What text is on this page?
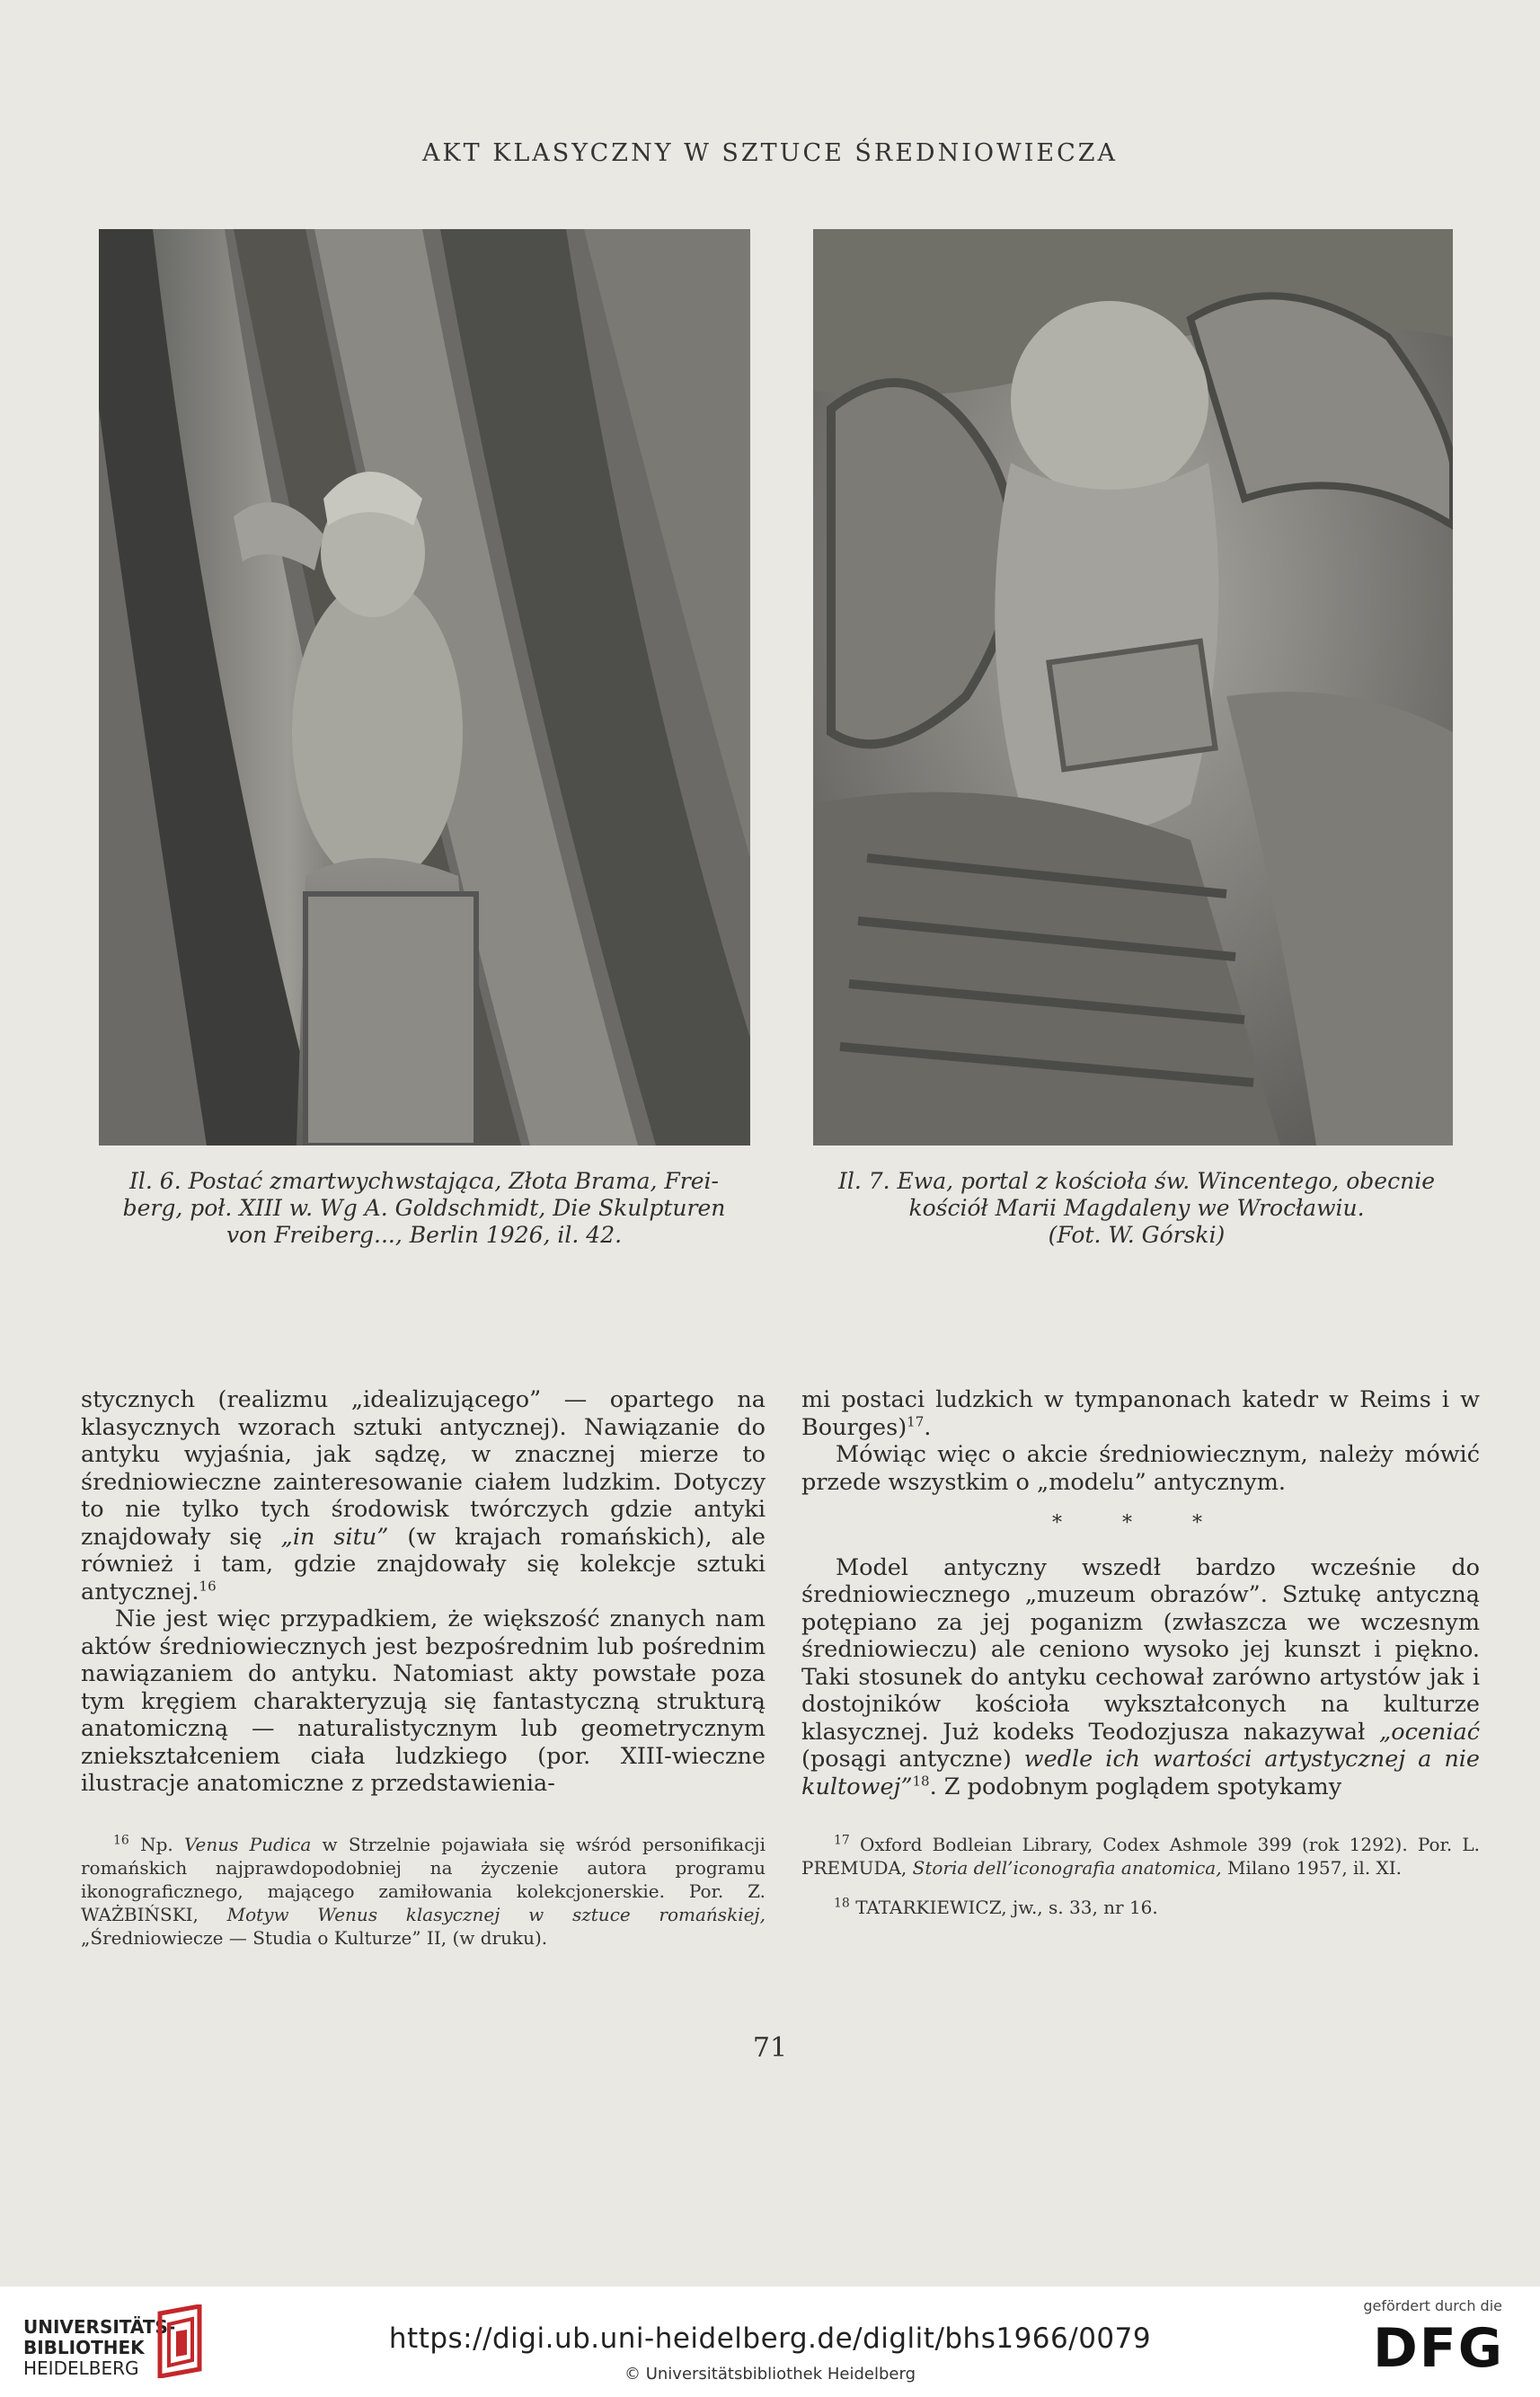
AKT KLASYCZNY W SZTUCE ŚREDNIOWIECZA
Il. 6. Postać zmartwychwstająca, Złota Brama, Frei-
berg, poł. XIII w. Wg A. Goldschmidt, Die Skulpturen
von Freiberg..., Berlin 1926, il. 42.
Il. 7. Ewa, portal z kościoła św. Wincentego, obecnie
kościół Marii Magdaleny we Wrocławiu.
(Fot. W. Górski)

stycznych (realizmu „idealizującego” — opartego na klasycznych wzorach sztuki antycznej). Nawiązanie do antyku wyjaśnia, jak sądzę, w znacznej mierze to średniowieczne zainteresowanie ciałem ludzkim. Dotyczy to nie tylko tych środowisk twórczych gdzie antyki znajdowały się „in situ” (w krajach romańskich), ale również i tam, gdzie znajdowały się kolekcje sztuki antycznej.$^{16}$

Nie jest więc przypadkiem, że większość znanych nam aktów średniowiecznych jest bezpośrednim lub pośrednim nawiązaniem do antyku. Natomiast akty powstałe poza tym kręgiem charakteryzują się fantastyczną strukturą anatomiczną — naturalistycznym lub geometrycznym zniekształceniem ciała ludzkiego (por. XIII-wieczne ilustracje anatomiczne z przedstawienia-

mi postaci ludzkich w tympanonach katedr w Reims i w Bourges)$^{17}$.

Mówiąc więc o akcie średniowiecznym, należy mówić przede wszystkim o „modelu” antycznym.

* * *

Model antyczny wszedł bardzo wcześnie do średniowiecznego „muzeum obrazów”. Sztukę antyczną potępiano za jej poganizm (zwłaszcza we wczesnym średniowieczu) ale ceniono wysoko jej kunszt i piękno. Taki stosunek do antyku cechował zarówno artystów jak i dostojników kościoła wykształconych na kulturze klasycznej. Już kodeks Teodozjusza nakazywał „oceniać (posągi antyczne) wedle ich wartości artystycznej a nie kultowej”$^{18}$. Z podobnym poglądem spotykamy

$^{16}$ Np. Venus Pudica w Strzelnie pojawiała się wśród personifikacji romańskich najprawdopodobniej na życzenie autora programu ikonograficznego, mającego zamiłowania kolekcjonerskie. Por. Z. WAŻBIŃSKI, Motyw Wenus klasycznej w sztuce romańskiej, „Średniowiecze — Studia o Kulturze” II, (w druku).

$^{17}$ Oxford Bodleian Library, Codex Ashmole 399 (rok 1292). Por. L. PREMUDA, Storia dell’iconografia anatomica, Milano 1957, il. XI.

$^{18}$ TATARKIEWICZ, jw., s. 33, nr 16.

71
UNIVERSITÄTS-
BIBLIOTHEK
HEIDELBERG
https://digi.ub.uni-heidelberg.de/diglit/bhs1966/0079
© Universitätsbibliothek Heidelberg
gefördert durch die
DFG
